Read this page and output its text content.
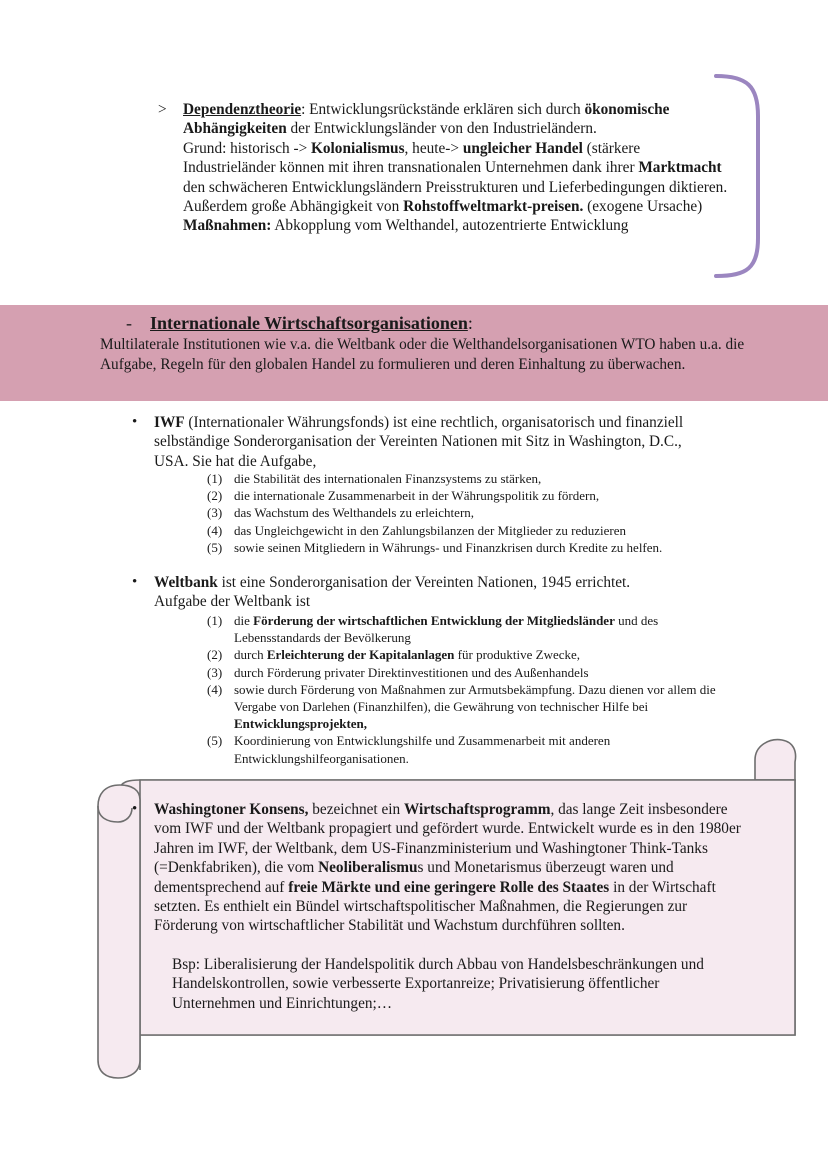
>	Dependenztheorie: Entwicklungsrückstände erklären sich durch ökonomische Abhängigkeiten der Entwicklungsländer von den Industrieländern.
Grund: historisch -> Kolonialismus, heute-> ungleicher Handel (stärkere Industrieländer können mit ihren transnationalen Unternehmen dank ihrer Marktmacht den schwächeren Entwicklungsländern Preisstrukturen und Lieferbedingungen diktieren. Außerdem große Abhängigkeit von Rohstoffweltmarkt-preisen. (exogene Ursache)
Maßnahmen: Abkopplung vom Welthandel, autozentrierte Entwicklung
- Internationale Wirtschaftsorganisationen:
Multilaterale Institutionen wie v.a. die Weltbank oder die Welthandelsorganisationen WTO haben u.a. die Aufgabe, Regeln für den globalen Handel zu formulieren und deren Einhaltung zu überwachen.
• IWF (Internationaler Währungsfonds) ist eine rechtlich, organisatorisch und finanziell selbständige Sonderorganisation der Vereinten Nationen mit Sitz in Washington, D.C., USA. Sie hat die Aufgabe,
(1) die Stabilität des internationalen Finanzsystems zu stärken,
(2) die internationale Zusammenarbeit in der Währungspolitik zu fördern,
(3) das Wachstum des Welthandels zu erleichtern,
(4) das Ungleichgewicht in den Zahlungsbilanzen der Mitglieder zu reduzieren
(5) sowie seinen Mitgliedern in Währungs- und Finanzkrisen durch Kredite zu helfen.
• Weltbank ist eine Sonderorganisation der Vereinten Nationen, 1945 errichtet.
Aufgabe der Weltbank ist
(1) die Förderung der wirtschaftlichen Entwicklung der Mitgliedsländer und des Lebensstandards der Bevölkerung
(2) durch Erleichterung der Kapitalanlagen für produktive Zwecke,
(3) durch Förderung privater Direktinvestitionen und des Außenhandels
(4) sowie durch Förderung von Maßnahmen zur Armutsbekämpfung. Dazu dienen vor allem die Vergabe von Darlehen (Finanzhilfen), die Gewährung von technischer Hilfe bei Entwicklungsprojekten,
(5) Koordinierung von Entwicklungshilfe und Zusammenarbeit mit anderen Entwicklungshilfeorganisationen.
• Washingtoner Konsens, bezeichnet ein Wirtschaftsprogramm, das lange Zeit insbesondere vom IWF und der Weltbank propagiert und gefördert wurde. Entwickelt wurde es in den 1980er Jahren im IWF, der Weltbank, dem US-Finanzministerium und Washingtoner Think-Tanks (=Denkfabriken), die vom Neoliberalismus und Monetarismus überzeugt waren und dementsprechend auf freie Märkte und eine geringere Rolle des Staates in der Wirtschaft setzten. Es enthielt ein Bündel wirtschaftspolitischer Maßnahmen, die Regierungen zur Förderung von wirtschaftlicher Stabilität und Wachstum durchführen sollten.
Bsp: Liberalisierung der Handelspolitik durch Abbau von Handelsbeschränkungen und Handelskontrollen, sowie verbesserte Exportanreize; Privatisierung öffentlicher Unternehmen und Einrichtungen;…
